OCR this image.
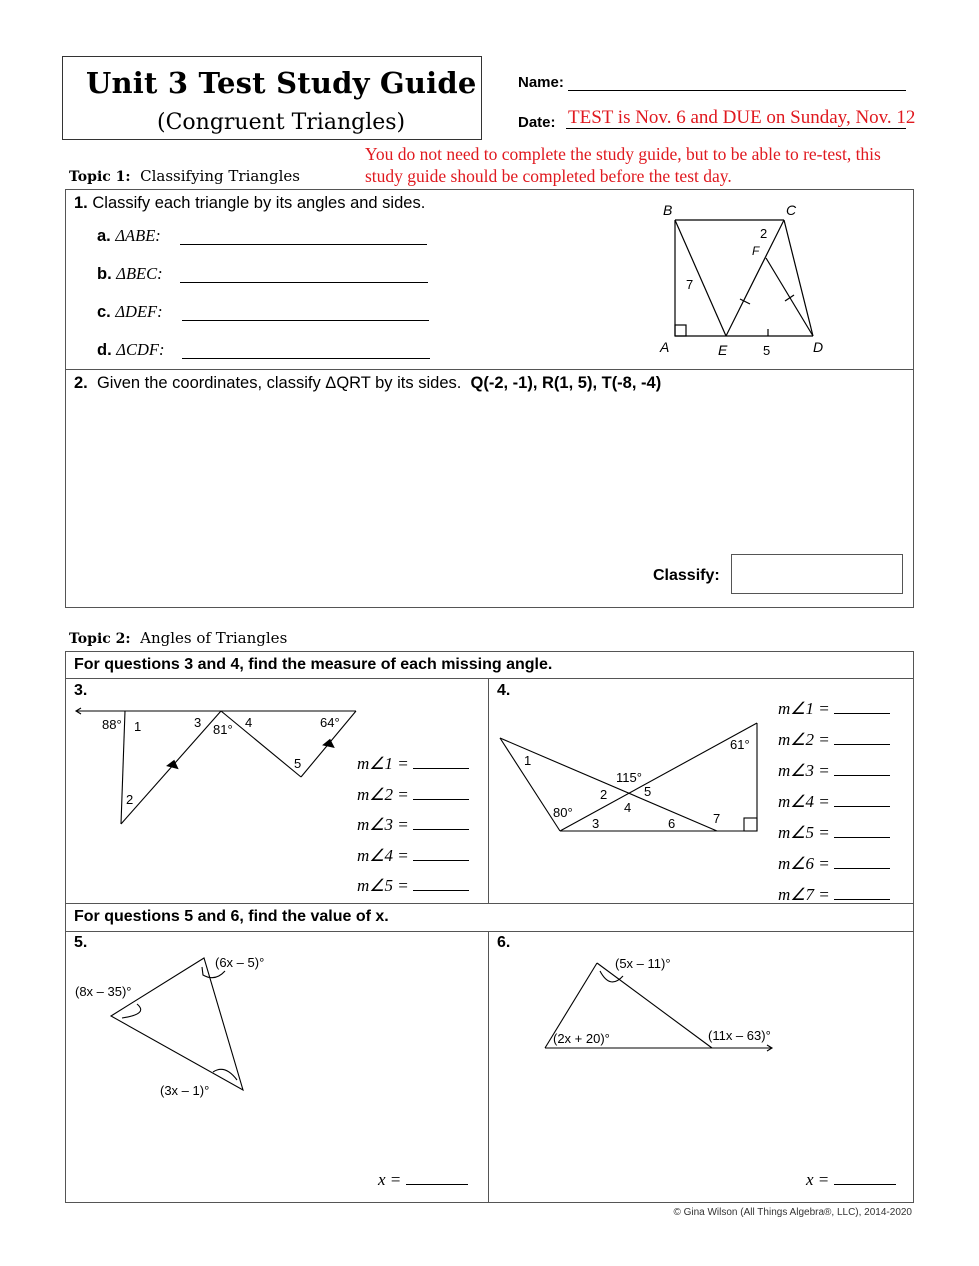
Unit 3 Test Study Guide
(Congruent Triangles)
Name:
Date: TEST is Nov. 6 and DUE on Sunday, Nov. 12
You do not need to complete the study guide, but to be able to re-test, this
study guide should be completed before the test day.
Topic 1: Classifying Triangles
1. Classify each triangle by its angles and sides.
a. ΔABE:
b. ΔBEC:
c. ΔDEF:
d. ΔCDF:
B	C
A	E	D
F
7
2
5
2. Given the coordinates, classify ΔQRT by its sides. Q(-2, -1), R(1, 5), T(-8, -4)
Classify:
Topic 2: Angles of Triangles
For questions 3 and 4, find the measure of each missing angle.
3.	4.
88° 1	3 81° 4	64°
5
2
m∠1 =
m∠2 =
m∠3 =
m∠4 =
m∠5 =
1
115°
2	5
4
80°
3	6	7
61°
m∠1 =
m∠2 =
m∠3 =
m∠4 =
m∠5 =
m∠6 =
m∠7 =
For questions 5 and 6, find the value of x.
5.	6.
(8x – 35)°
(6x – 5)°
(3x – 1)°
(5x – 11)°
(2x + 20)°	(11x – 63)°
x =	x =
© Gina Wilson (All Things Algebra®, LLC), 2014-2020
